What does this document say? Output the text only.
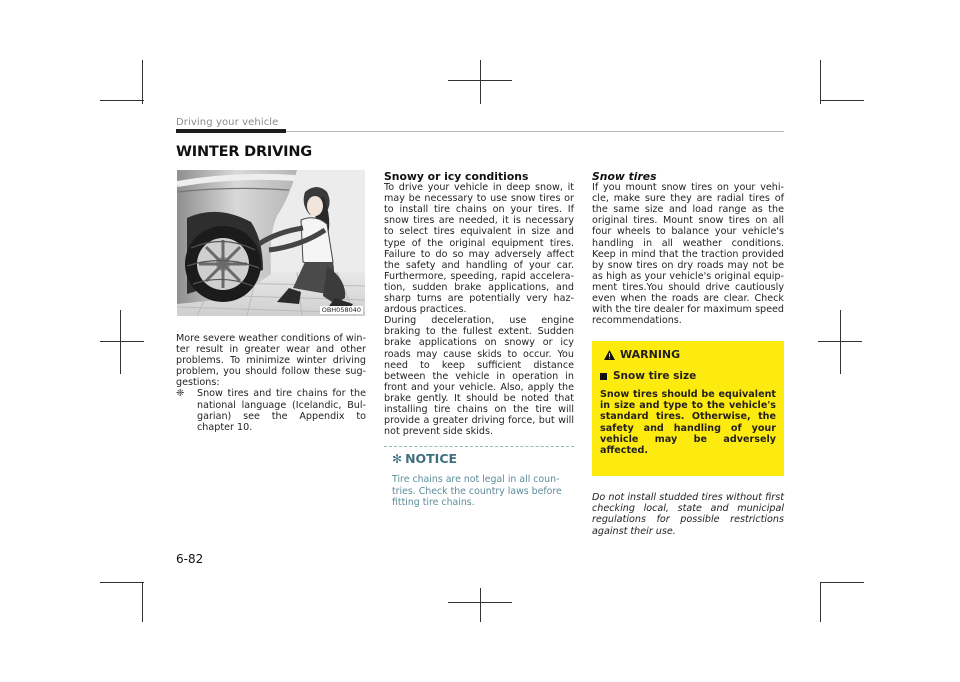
Driving your vehicle
WINTER DRIVING
OBH058040

More severe weather conditions of winter result in greater wear and other problems. To minimize winter driving problem, you should follow these suggestions:

❈	Snow tires and tire chains for the national language (Icelandic, Bulgarian) see the Appendix to chapter 10.

Snowy or icy conditions

To drive your vehicle in deep snow, it may be necessary to use snow tires or to install tire chains on your tires. If snow tires are needed, it is necessary to select tires equivalent in size and type of the original equipment tires. Failure to do so may adversely affect the safety and handling of your car. Furthermore, speeding, rapid acceleration, sudden brake applications, and sharp turns are potentially very hazardous practices.

During deceleration, use engine braking to the fullest extent. Sudden brake applications on snowy or icy roads may cause skids to occur. You need to keep sufficient distance between the vehicle in operation in front and your vehicle. Also, apply the brake gently. It should be noted that installing tire chains on the tire will provide a greater driving force, but will not prevent side skids.

✻ NOTICE
Tire chains are not legal in all countries. Check the country laws before fitting tire chains.

Snow tires

If you mount snow tires on your vehicle, make sure they are radial tires of the same size and load range as the original tires. Mount snow tires on all four wheels to balance your vehicle's handling in all weather conditions. Keep in mind that the traction provided by snow tires on dry roads may not be as high as your vehicle's original equipment tires.You should drive cautiously even when the roads are clear. Check with the tire dealer for maximum speed recommendations.

WARNING
Snow tire size
Snow tires should be equivalent in size and type to the vehicle's standard tires. Otherwise, the safety and handling of your vehicle may be adversely affected.
Do not install studded tires without first checking local, state and municipal regulations for possible restrictions against their use.
6-82
